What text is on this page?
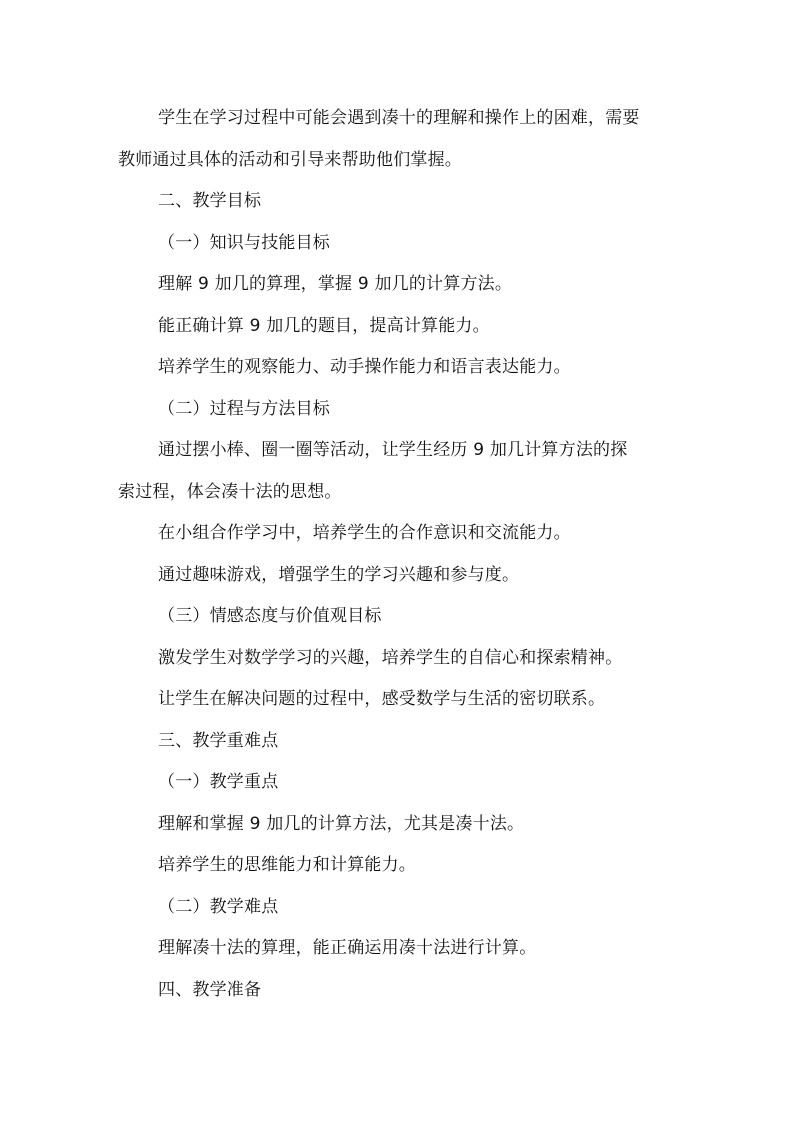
学生在学习过程中可能会遇到凑十的理解和操作上的困难，需要
教师通过具体的活动和引导来帮助他们掌握。
二、教学目标
（一）知识与技能目标
理解 9 加几的算理，掌握 9 加几的计算方法。
能正确计算 9 加几的题目，提高计算能力。
培养学生的观察能力、动手操作能力和语言表达能力。
（二）过程与方法目标
通过摆小棒、圈一圈等活动，让学生经历 9 加几计算方法的探
索过程，体会凑十法的思想。
在小组合作学习中，培养学生的合作意识和交流能力。
通过趣味游戏，增强学生的学习兴趣和参与度。
（三）情感态度与价值观目标
激发学生对数学学习的兴趣，培养学生的自信心和探索精神。
让学生在解决问题的过程中，感受数学与生活的密切联系。
三、教学重难点
（一）教学重点
理解和掌握 9 加几的计算方法，尤其是凑十法。
培养学生的思维能力和计算能力。
（二）教学难点
理解凑十法的算理，能正确运用凑十法进行计算。
四、教学准备
